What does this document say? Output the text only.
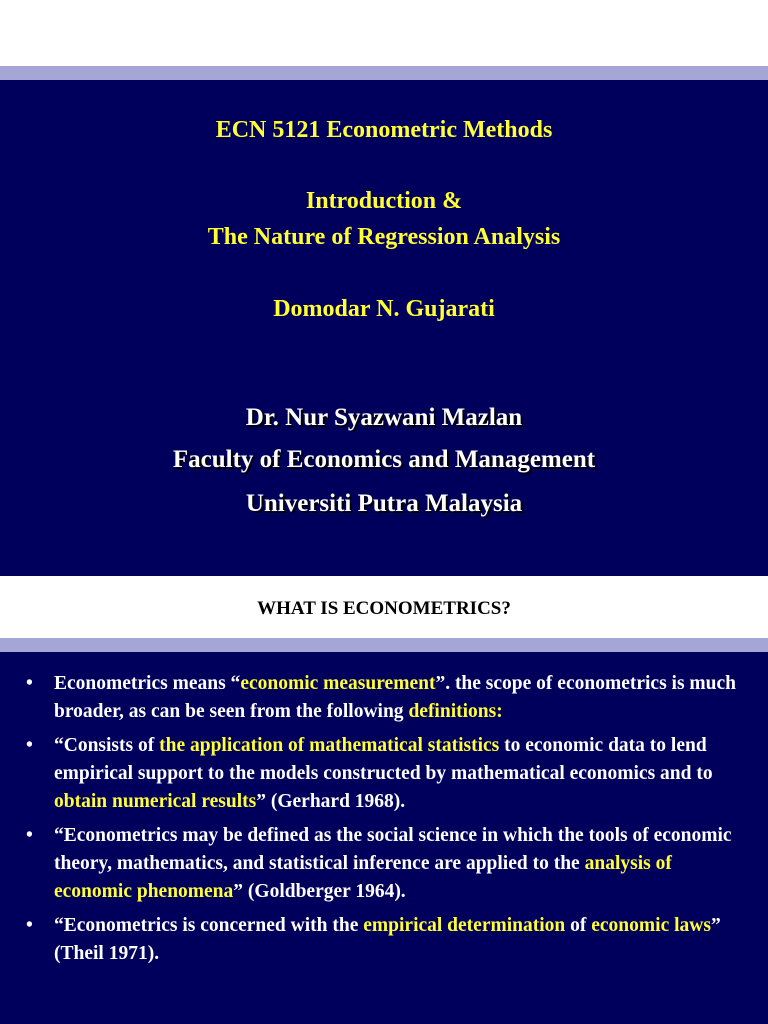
ECN 5121 Econometric Methods
Introduction &
The Nature of Regression Analysis
Domodar N. Gujarati
Dr. Nur Syazwani Mazlan
Faculty of Economics and Management
Universiti Putra Malaysia
WHAT IS ECONOMETRICS?
• Econometrics means “economic measurement”. the scope of econometrics is much broader, as can be seen from the following definitions:
• “Consists of the application of mathematical statistics to economic data to lend empirical support to the models constructed by mathematical economics and to obtain numerical results” (Gerhard 1968).
• “Econometrics may be defined as the social science in which the tools of economic theory, mathematics, and statistical inference are applied to the analysis of economic phenomena” (Goldberger 1964).
• “Econometrics is concerned with the empirical determination of economic laws” (Theil 1971).
